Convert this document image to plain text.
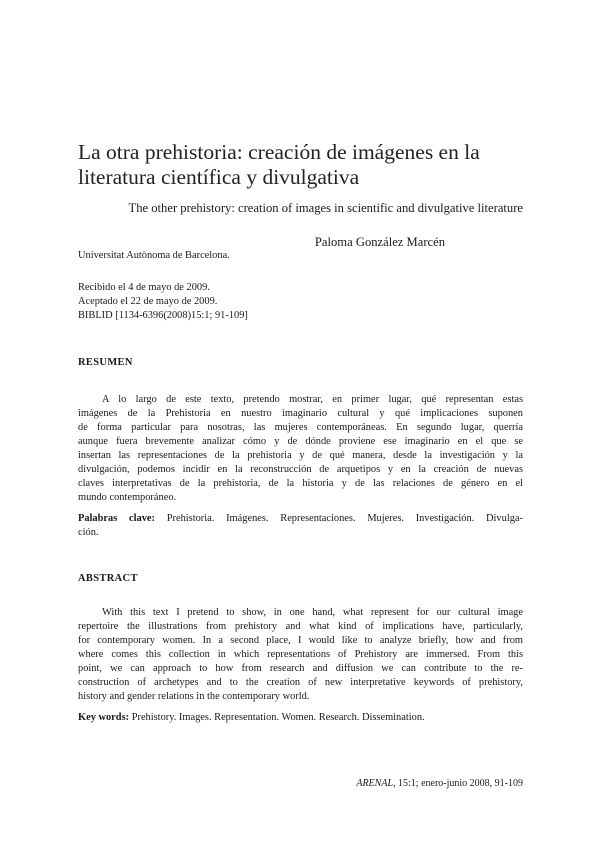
La otra prehistoria: creación de imágenes en la
literatura científica y divulgativa
The other prehistory: creation of images in scientific and divulgative literature
Paloma González Marcén
Universitat Autònoma de Barcelona.
Recibido el 4 de mayo de 2009.
Aceptado el 22 de mayo de 2009.
BIBLID [1134-6396(2008)15:1; 91-109]
RESUMEN
A lo largo de este texto, pretendo mostrar, en primer lugar, qué representan estas
imágenes de la Prehistoria en nuestro imaginario cultural y qué implicaciones suponen
de forma particular para nosotras, las mujeres contemporáneas. En segundo lugar, querría
aunque fuera brevemente analizar cómo y de dónde proviene ese imaginario en el que se
insertan las representaciones de la prehistoria y de qué manera, desde la investigación y la
divulgación, podemos incidir en la reconstrucción de arquetipos y en la creación de nuevas
claves interpretativas de la prehistoria, de la historia y de las relaciones de género en el
mundo contemporáneo.
Palabras clave: Prehistoria. Imágenes. Representaciones. Mujeres. Investigación. Divulga-
ción.
ABSTRACT
With this text I pretend to show, in one hand, what represent for our cultural image
repertoire the illustrations from prehistory and what kind of implications have, particularly,
for contemporary women. In a second place, I would like to analyze briefly, how and from
where comes this collection in which representations of Prehistory are immersed. From this
point, we can approach to how from research and diffusion we can contribute to the re-
construction of archetypes and to the creation of new interpretative keywords of prehistory,
history and gender relations in the contemporary world.
Key words: Prehistory. Images. Representation. Women. Research. Dissemination.
ARENAL, 15:1; enero-junio 2008, 91-109
